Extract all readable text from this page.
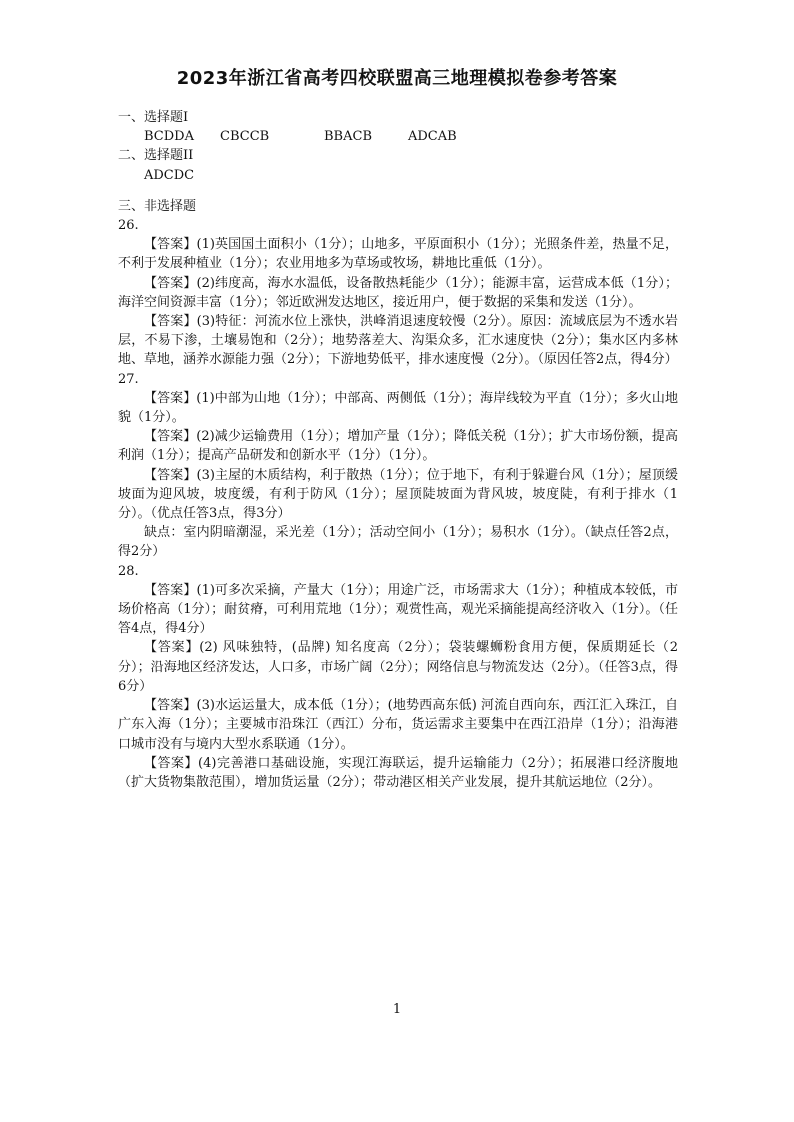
2023年浙江省高考四校联盟高三地理模拟卷参考答案
一、选择题I
BCDDA CBCCB	BBACB	ADCAB
二、选择题II
ADCDC
三、非选择题
26.
【答案】(1)英国国土面积小（1分）；山地多，平原面积小（1分）；光照条件差，热量不足，不利于发展种植业（1分）；农业用地多为草场或牧场，耕地比重低（1分）。
【答案】(2)纬度高，海水水温低，设备散热耗能少（1分）；能源丰富，运营成本低（1分）；海洋空间资源丰富（1分）；邻近欧洲发达地区，接近用户，便于数据的采集和发送（1分）。
【答案】(3)特征：河流水位上涨快，洪峰消退速度较慢（2分）。原因：流域底层为不透水岩层，不易下渗，土壤易饱和（2分）；地势落差大、沟渠众多，汇水速度快（2分）；集水区内多林地、草地，涵养水源能力强（2分）；下游地势低平，排水速度慢（2分）。（原因任答2点，得4分）
27.
【答案】(1)中部为山地（1分）；中部高、两侧低（1分）；海岸线较为平直（1分）；多火山地貌（1分）。
【答案】(2)减少运输费用（1分）；增加产量（1分）；降低关税（1分）；扩大市场份额，提高利润（1分）；提高产品研发和创新水平（1分）（1分）。
【答案】(3)主屋的木质结构，利于散热（1分）；位于地下，有利于躲避台风（1分）；屋顶缓坡面为迎风坡，坡度缓，有利于防风（1分）；屋顶陡坡面为背风坡，坡度陡，有利于排水（1分）。（优点任答3点，得3分）
缺点：室内阴暗潮湿，采光差（1分）；活动空间小（1分）；易积水（1分）。（缺点任答2点，得2分）
28.
【答案】(1)可多次采摘，产量大（1分）；用途广泛，市场需求大（1分）；种植成本较低，市场价格高（1分）；耐贫瘠，可利用荒地（1分）；观赏性高，观光采摘能提高经济收入（1分）。（任答4点，得4分）
【答案】(2) 风味独特，(品牌) 知名度高（2分）；袋装螺蛳粉食用方便，保质期延长（2分）；沿海地区经济发达，人口多，市场广阔（2分）；网络信息与物流发达（2分）。（任答3点，得6分）
【答案】(3)水运运量大，成本低（1分）；(地势西高东低) 河流自西向东，西江汇入珠江，自广东入海（1分）；主要城市沿珠江（西江）分布，货运需求主要集中在西江沿岸（1分）；沿海港口城市没有与境内大型水系联通（1分）。
【答案】(4)完善港口基础设施，实现江海联运，提升运输能力（2分）；拓展港口经济腹地（扩大货物集散范围），增加货运量（2分）；带动港区相关产业发展，提升其航运地位（2分）。
1
